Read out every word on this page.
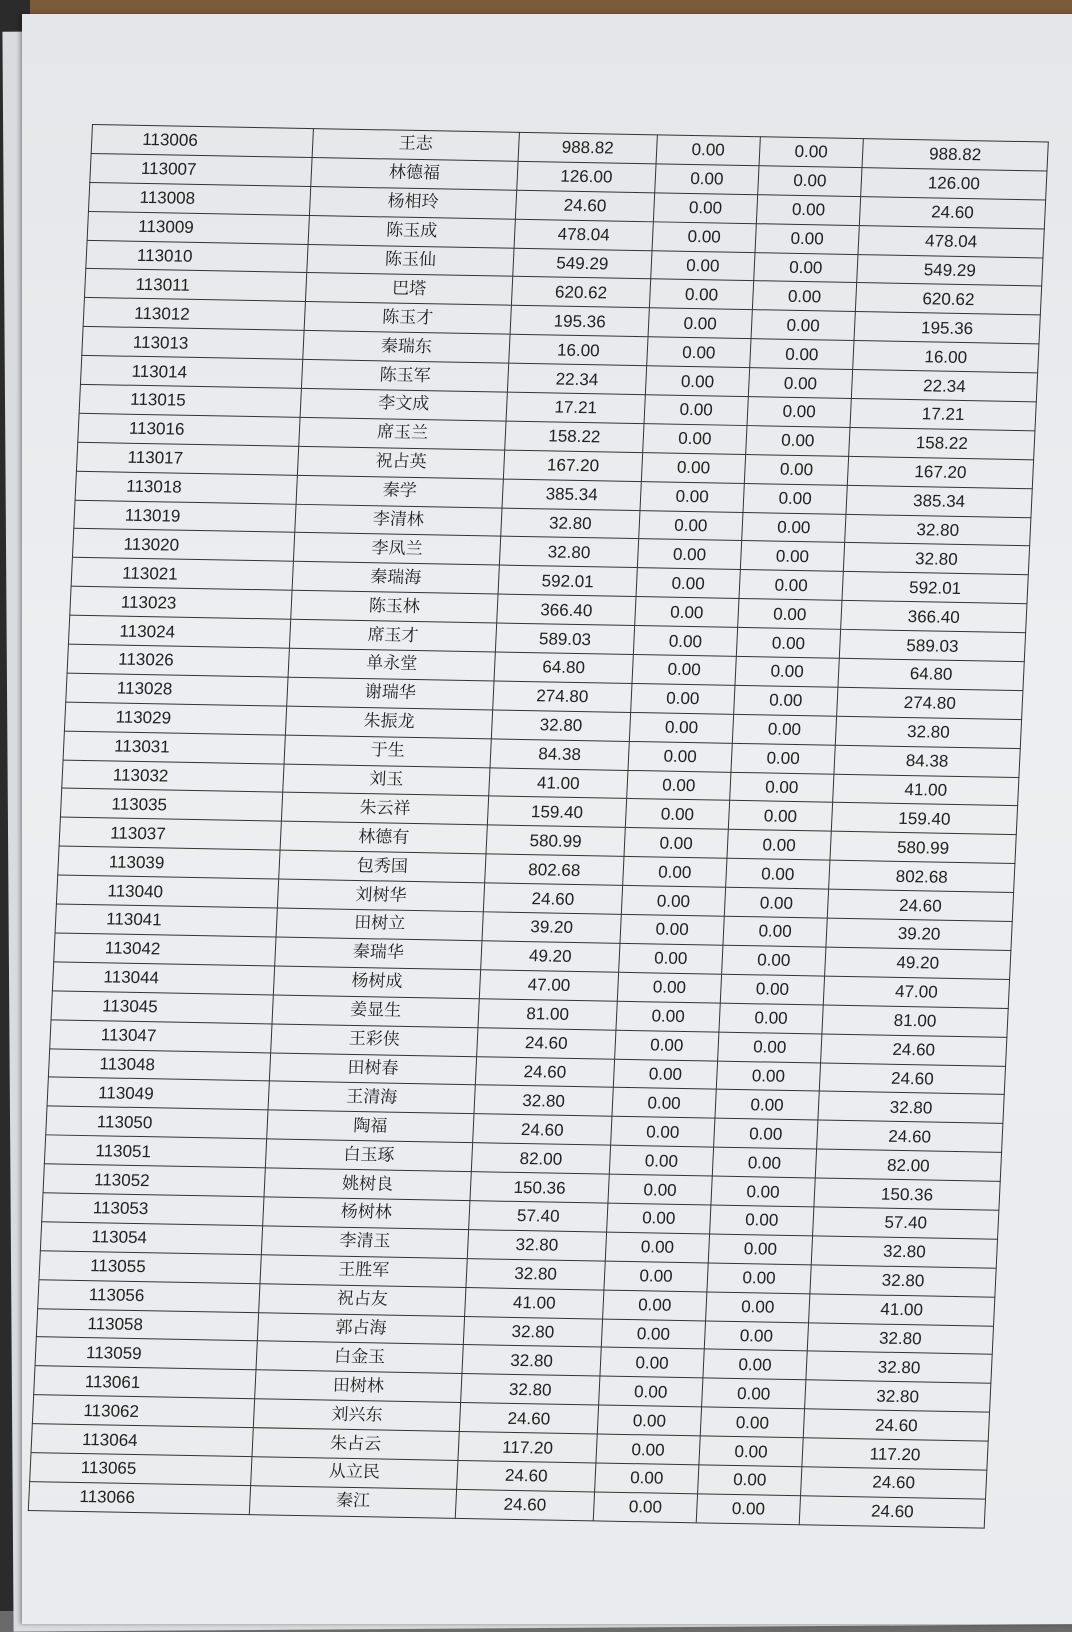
113006	王志	988.82	0.00	0.00	988.82
113007	林德福	126.00	0.00	0.00	126.00
113008	杨相玲	24.60	0.00	0.00	24.60
113009	陈玉成	478.04	0.00	0.00	478.04
113010	陈玉仙	549.29	0.00	0.00	549.29
113011	巴塔	620.62	0.00	0.00	620.62
113012	陈玉才	195.36	0.00	0.00	195.36
113013	秦瑞东	16.00	0.00	0.00	16.00
113014	陈玉军	22.34	0.00	0.00	22.34
113015	李文成	17.21	0.00	0.00	17.21
113016	席玉兰	158.22	0.00	0.00	158.22
113017	祝占英	167.20	0.00	0.00	167.20
113018	秦学	385.34	0.00	0.00	385.34
113019	李清林	32.80	0.00	0.00	32.80
113020	李凤兰	32.80	0.00	0.00	32.80
113021	秦瑞海	592.01	0.00	0.00	592.01
113023	陈玉林	366.40	0.00	0.00	366.40
113024	席玉才	589.03	0.00	0.00	589.03
113026	单永堂	64.80	0.00	0.00	64.80
113028	谢瑞华	274.80	0.00	0.00	274.80
113029	朱振龙	32.80	0.00	0.00	32.80
113031	于生	84.38	0.00	0.00	84.38
113032	刘玉	41.00	0.00	0.00	41.00
113035	朱云祥	159.40	0.00	0.00	159.40
113037	林德有	580.99	0.00	0.00	580.99
113039	包秀国	802.68	0.00	0.00	802.68
113040	刘树华	24.60	0.00	0.00	24.60
113041	田树立	39.20	0.00	0.00	39.20
113042	秦瑞华	49.20	0.00	0.00	49.20
113044	杨树成	47.00	0.00	0.00	47.00
113045	姜显生	81.00	0.00	0.00	81.00
113047	王彩侠	24.60	0.00	0.00	24.60
113048	田树春	24.60	0.00	0.00	24.60
113049	王清海	32.80	0.00	0.00	32.80
113050	陶福	24.60	0.00	0.00	24.60
113051	白玉琢	82.00	0.00	0.00	82.00
113052	姚树良	150.36	0.00	0.00	150.36
113053	杨树林	57.40	0.00	0.00	57.40
113054	李清玉	32.80	0.00	0.00	32.80
113055	王胜军	32.80	0.00	0.00	32.80
113056	祝占友	41.00	0.00	0.00	41.00
113058	郭占海	32.80	0.00	0.00	32.80
113059	白金玉	32.80	0.00	0.00	32.80
113061	田树林	32.80	0.00	0.00	32.80
113062	刘兴东	24.60	0.00	0.00	24.60
113064	朱占云	117.20	0.00	0.00	117.20
113065	从立民	24.60	0.00	0.00	24.60
113066	秦江	24.60	0.00	0.00	24.60
